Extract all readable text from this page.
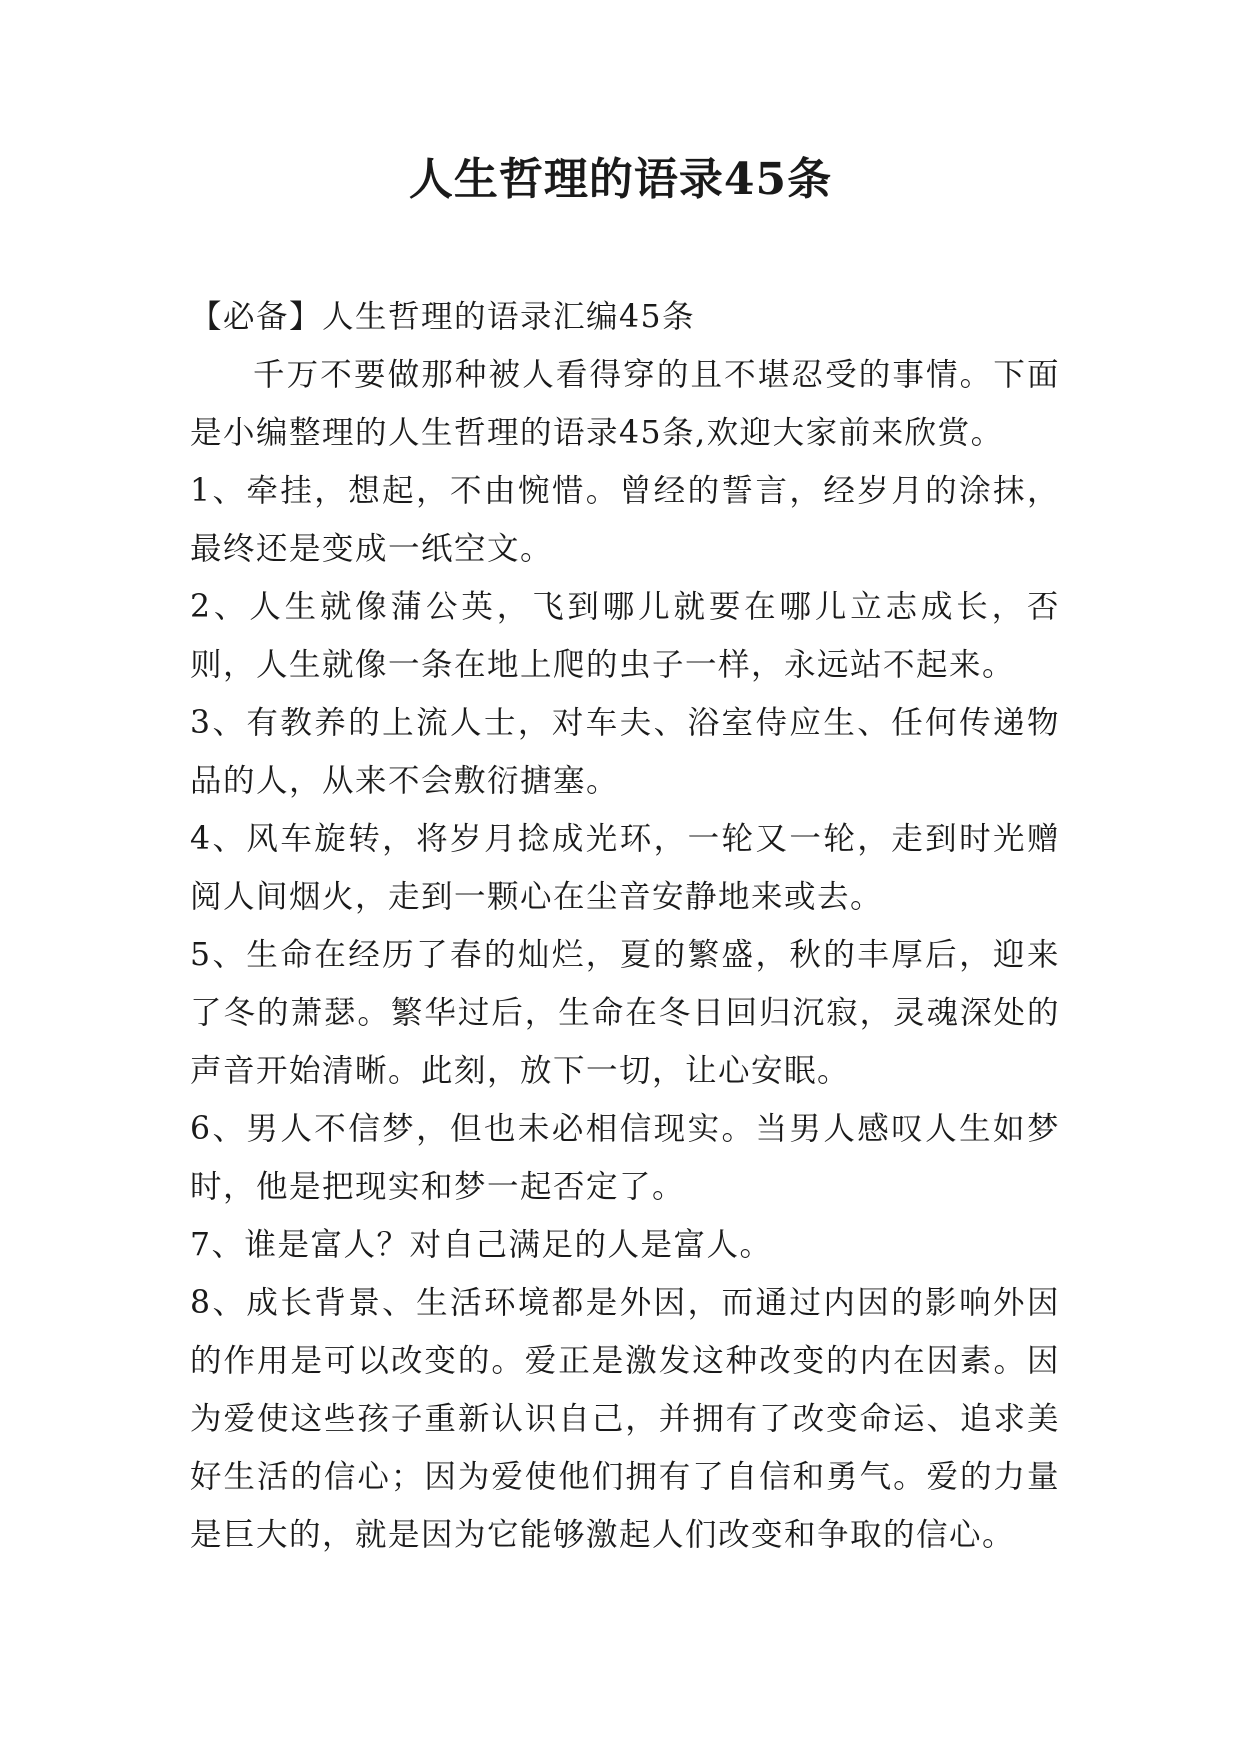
人生哲理的语录45条

【必备】人生哲理的语录汇编45条

千万不要做那种被人看得穿的且不堪忍受的事情。下面是小编整理的人生哲理的语录45条,欢迎大家前来欣赏。

1、牵挂，想起，不由惋惜。曾经的誓言，经岁月的涂抹，最终还是变成一纸空文。

2、人生就像蒲公英，飞到哪儿就要在哪儿立志成长，否则，人生就像一条在地上爬的虫子一样，永远站不起来。

3、有教养的上流人士，对车夫、浴室侍应生、任何传递物品的人，从来不会敷衍搪塞。

4、风车旋转，将岁月捻成光环，一轮又一轮，走到时光赠阅人间烟火，走到一颗心在尘音安静地来或去。

5、生命在经历了春的灿烂，夏的繁盛，秋的丰厚后，迎来了冬的萧瑟。繁华过后，生命在冬日回归沉寂，灵魂深处的声音开始清晰。此刻，放下一切，让心安眠。

6、男人不信梦，但也未必相信现实。当男人感叹人生如梦时，他是把现实和梦一起否定了。

7、谁是富人？对自己满足的人是富人。

8、成长背景、生活环境都是外因，而通过内因的影响外因的作用是可以改变的。爱正是激发这种改变的内在因素。因为爱使这些孩子重新认识自己，并拥有了改变命运、追求美好生活的信心；因为爱使他们拥有了自信和勇气。爱的力量是巨大的，就是因为它能够激起人们改变和争取的信心。
